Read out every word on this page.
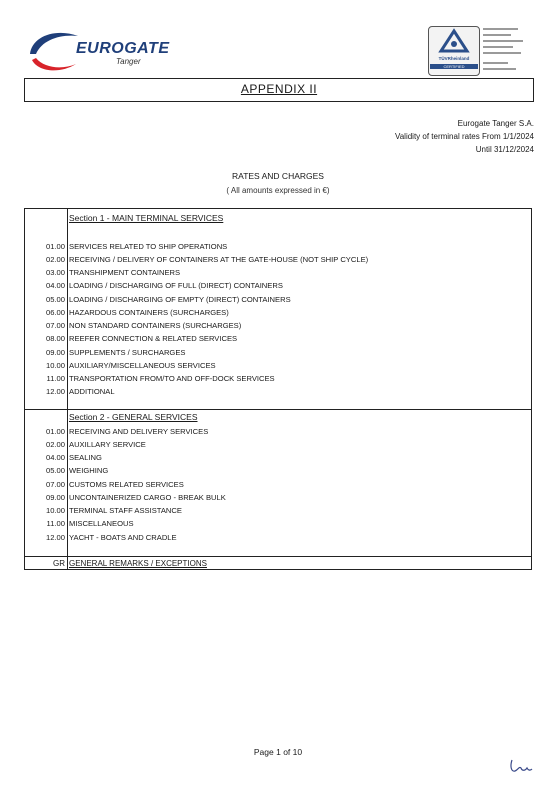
EUROGATE
Tanger	TÜVRheinland
CERTIFIED
APPENDIX II
Eurogate Tanger S.A.
Validity of terminal rates From 1/1/2024
Until 31/12/2024
RATES AND CHARGES
( All amounts expressed in €)
Section 1 - MAIN TERMINAL SERVICES
01.00 SERVICES RELATED TO SHIP OPERATIONS
02.00 RECEIVING / DELIVERY OF CONTAINERS AT THE GATE-HOUSE (NOT SHIP CYCLE)
03.00 TRANSHIPMENT CONTAINERS
04.00 LOADING / DISCHARGING OF FULL (DIRECT) CONTAINERS
05.00 LOADING / DISCHARGING OF EMPTY (DIRECT) CONTAINERS
06.00 HAZARDOUS CONTAINERS (SURCHARGES)
07.00 NON STANDARD CONTAINERS (SURCHARGES)
08.00 REEFER CONNECTION & RELATED SERVICES
09.00 SUPPLEMENTS / SURCHARGES
10.00 AUXILIARY/MISCELLANEOUS SERVICES
11.00 TRANSPORTATION FROM/TO AND OFF-DOCK SERVICES
12.00 ADDITIONAL
Section 2 - GENERAL SERVICES
01.00 RECEIVING AND DELIVERY SERVICES
02.00 AUXILLARY SERVICE
04.00 SEALING
05.00 WEIGHING
07.00 CUSTOMS RELATED SERVICES
09.00 UNCONTAINERIZED CARGO - BREAK BULK
10.00 TERMINAL STAFF ASSISTANCE
11.00 MISCELLANEOUS
12.00 YACHT - BOATS AND CRADLE
GR GENERAL REMARKS / EXCEPTIONS
Page 1 of 10
